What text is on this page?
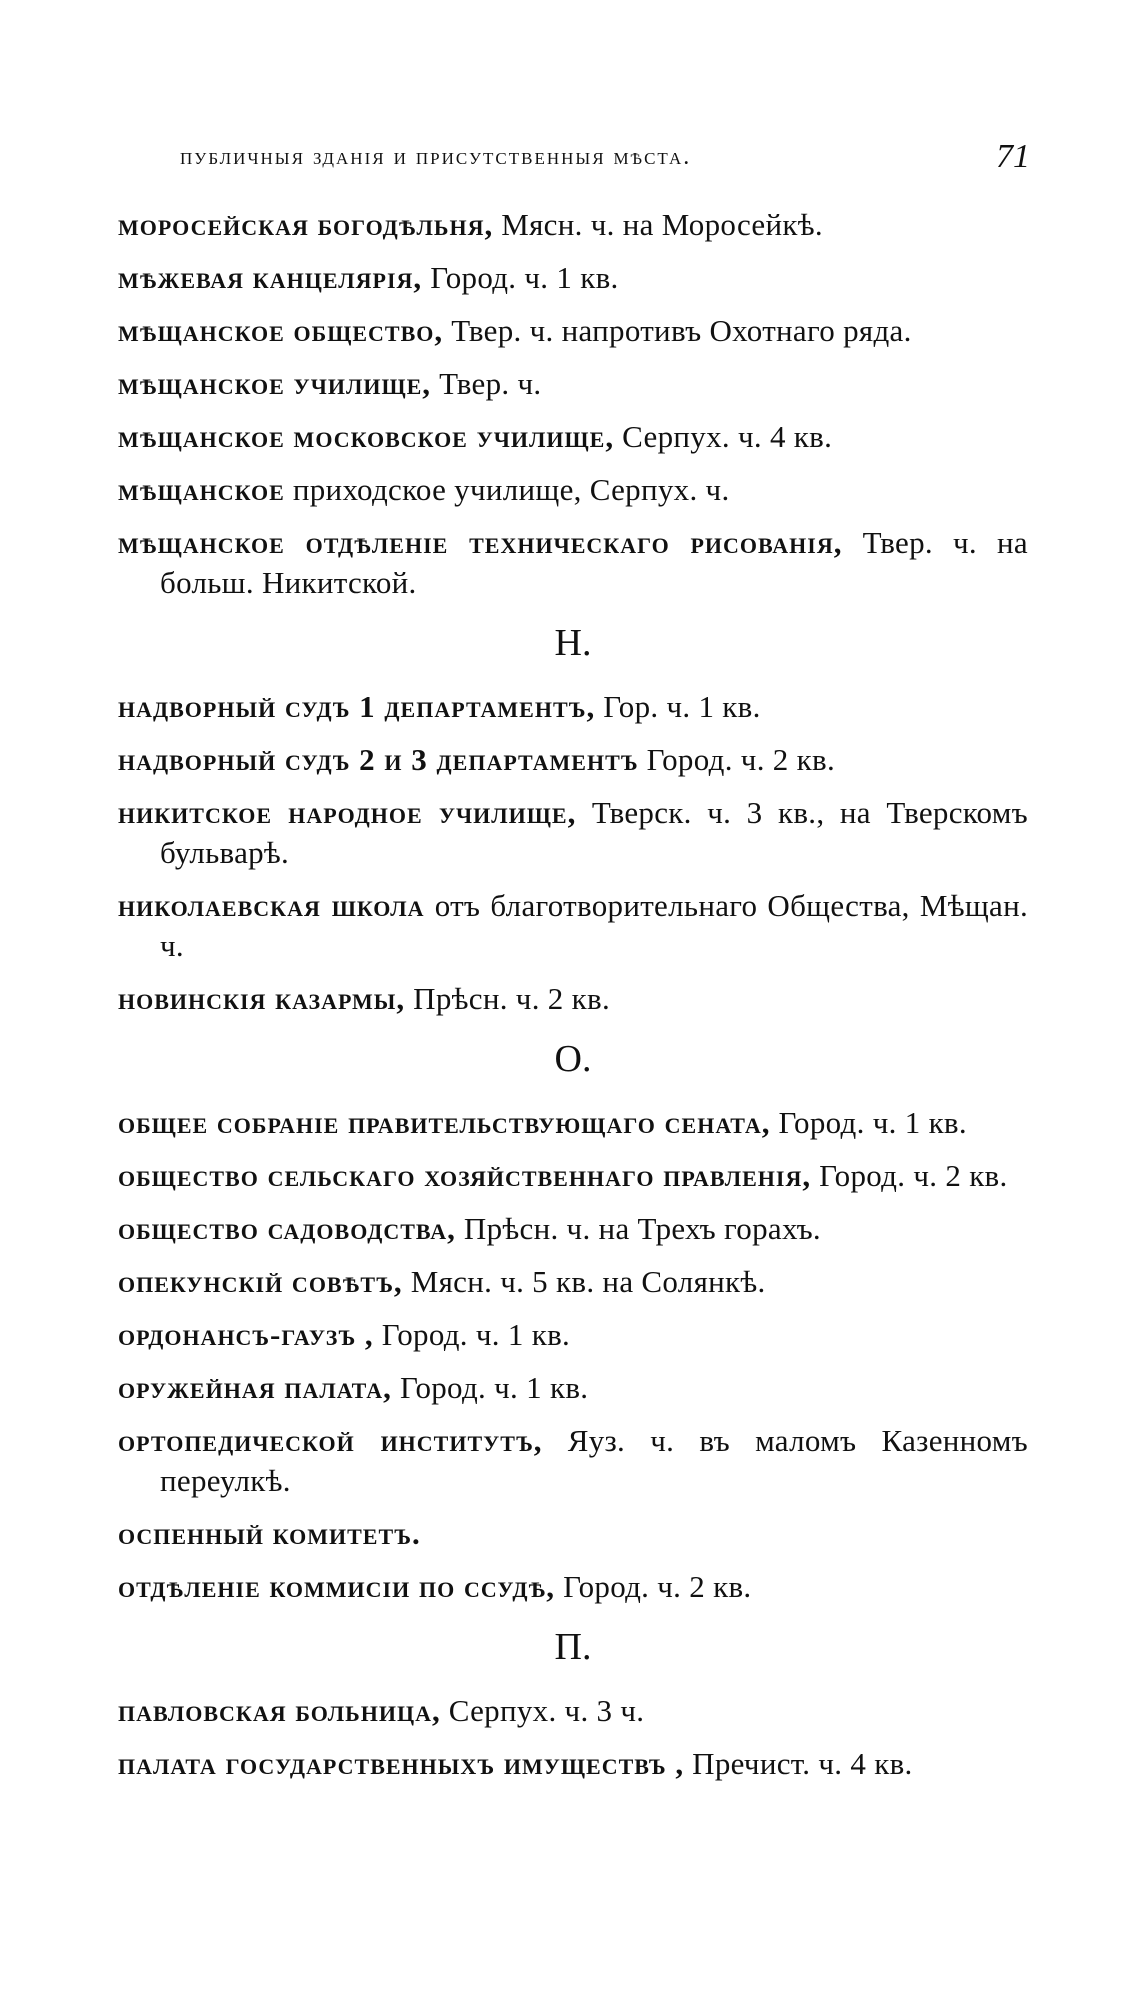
публичныя зданія и присутственныя мѣста.	71
моросейская богодѣльня, Мясн. ч. на Моросейкѣ.
мѣжевая канцелярія, Город. ч. 1 кв.
мѣщанское общество, Твер. ч. напротивъ Охотнаго ряда.
мѣщанское училище, Твер. ч.
мѣщанское московское училище, Серпух. ч. 4 кв.
мѣщанское приходское училище, Серпух. ч.
мѣщанское отдѣленіе техническаго рисованія, Твер. ч. на больш. Никитской.
Н.
надворный судъ 1 департаментъ, Гор. ч. 1 кв.
надворный судъ 2 и 3 департаментъ Город. ч. 2 кв.
никитское народное училище, Тверск. ч. 3 кв., на Тверскомъ бульварѣ.
николаевская школа отъ благотворительнаго Общества, Мѣщан. ч.
новинскія казармы, Прѣсн. ч. 2 кв.
О.
общее собраніе правительствующаго сената, Город. ч. 1 кв.
общество сельскаго хозяйственнаго правленія, Город. ч. 2 кв.
общество садоводства, Прѣсн. ч. на Трехъ горахъ.
опекунскій совѣтъ, Мясн. ч. 5 кв. на Солянкѣ.
ордонансъ-гаузъ , Город. ч. 1 кв.
оружейная палата, Город. ч. 1 кв.
ортопедической институтъ, Яуз. ч. въ маломъ Казенномъ переулкѣ.
оспенный комитетъ.
отдѣленіе коммисіи по ссудѣ, Город. ч. 2 кв.
П.
павловская больница, Серпух. ч. 3 ч.
палата государственныхъ имуществъ , Пречист. ч. 4 кв.
